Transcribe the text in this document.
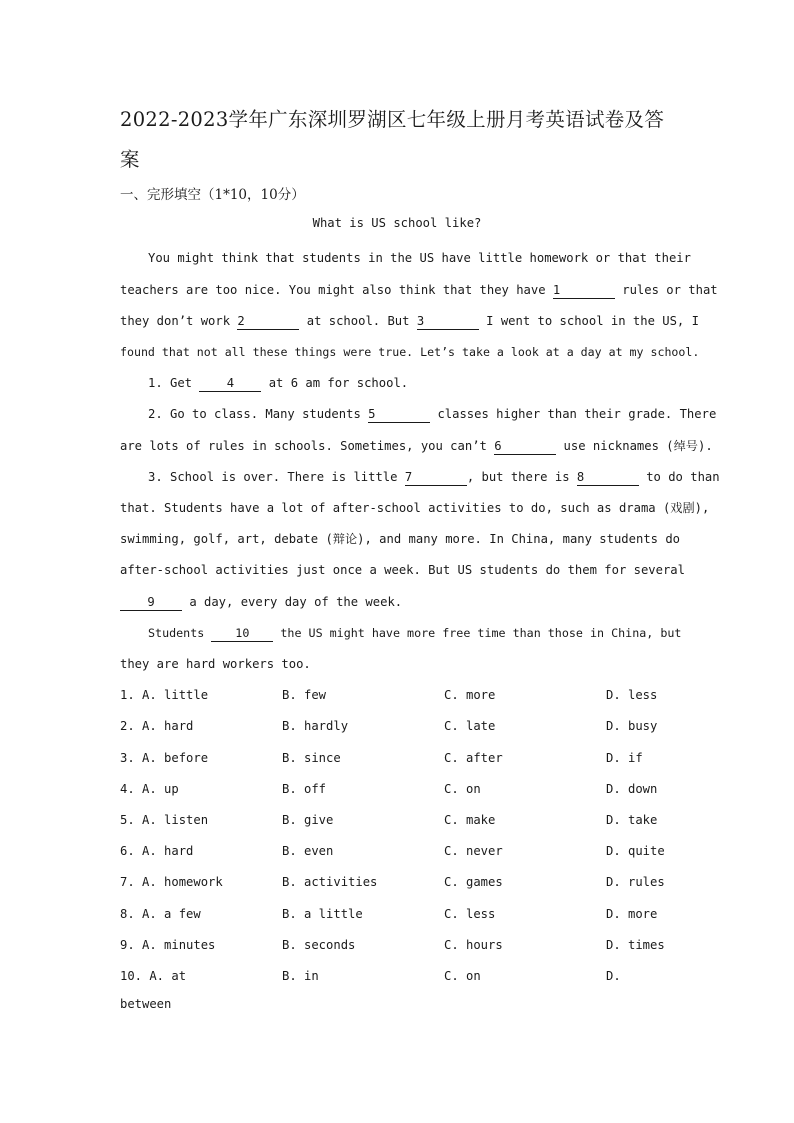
2022-2023学年广东深圳罗湖区七年级上册月考英语试卷及答案
一、完形填空（1*10，10分）
What is US school like?
You might think that students in the US have little homework or that their
teachers are too nice. You might also think that they have 1	rules or that
they don’t work 2	at school. But 3	I went to school in the US, I
found that not all these things were true. Let’s take a look at a day at my school.
1. Get 4 at 6 am for school.
2. Go to class. Many students 5	classes higher than their grade. There
are lots of rules in schools. Sometimes, you can’t 6	use nicknames (绰号).
3. School is over. There is little 7	, but there is 8	to do than
that. Students have a lot of after-school activities to do, such as drama (戏剧),
swimming, golf, art, debate (辩论), and many more. In China, many students do
after-school activities just once a week. But US students do them for several
9 a day, every day of the week.
Students 10 the US might have more free time than those in China, but
they are hard workers too.
1. A. little	B. few	C. more	D. less
2. A. hard	B. hardly	C. late	D. busy
3. A. before	B. since	C. after	D. if
4. A. up	B. off	C. on	D. down
5. A. listen	B. give	C. make	D. take
6. A. hard	B. even	C. never	D. quite
7. A. homework	B. activities	C. games	D. rules
8. A. a few	B. a little	C. less	D. more
9. A. minutes	B. seconds	C. hours	D. times
10. A. at	B. in	C. on	D.
between
